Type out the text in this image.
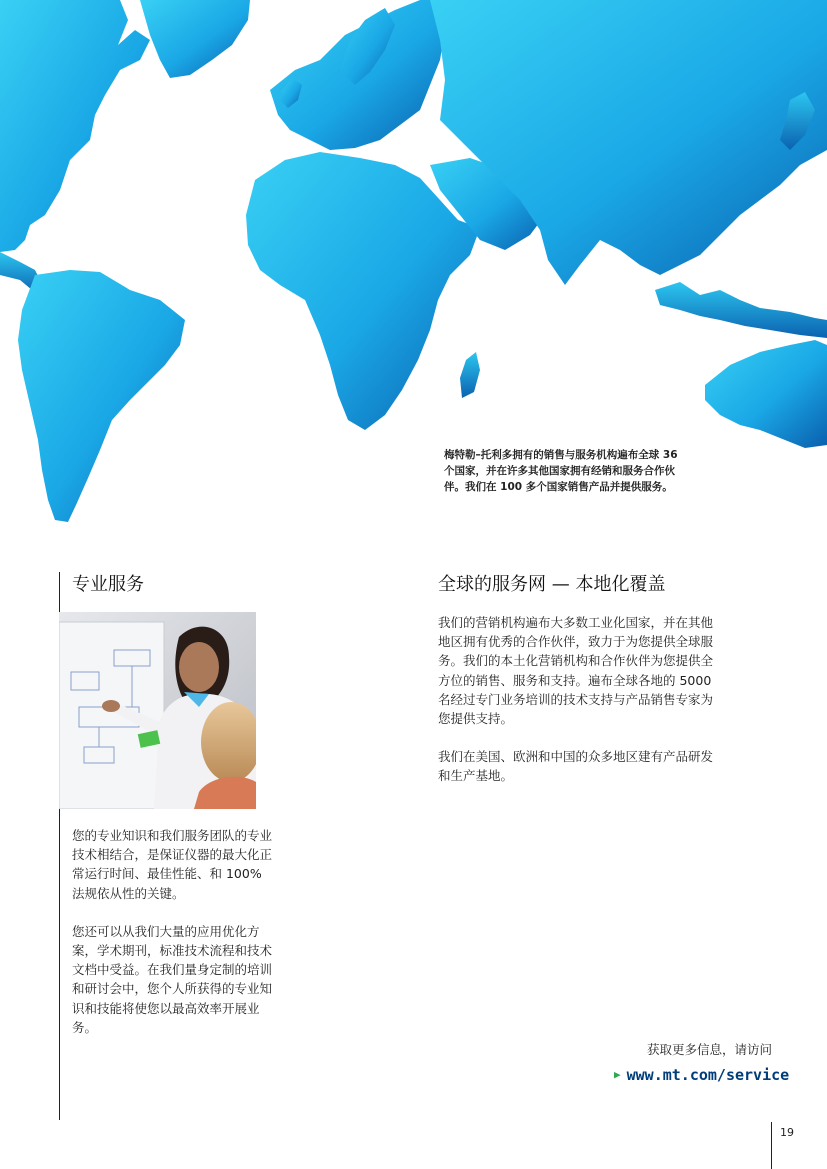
梅特勒–托利多拥有的销售与服务机构遍布全球 36 个国家，并在许多其他国家拥有经销和服务合作伙伴。我们在 100 多个国家销售产品并提供服务。
专业服务

您的专业知识和我们服务团队的专业技术相结合，是保证仪器的最大化正常运行时间、最佳性能、和 100% 法规依从性的关键。

您还可以从我们大量的应用优化方案，学术期刊，标准技术流程和技术文档中受益。在我们量身定制的培训和研讨会中，您个人所获得的专业知识和技能将使您以最高效率开展业务。

全球的服务网 — 本地化覆盖

我们的营销机构遍布大多数工业化国家，并在其他地区拥有优秀的合作伙伴，致力于为您提供全球服务。我们的本土化营销机构和合作伙伴为您提供全方位的销售、服务和支持。遍布全球各地的 5000 名经过专门业务培训的技术支持与产品销售专家为您提供支持。

我们在美国、欧洲和中国的众多地区建有产品研发和生产基地。

获取更多信息，请访问
▶ www.mt.com/service
19
